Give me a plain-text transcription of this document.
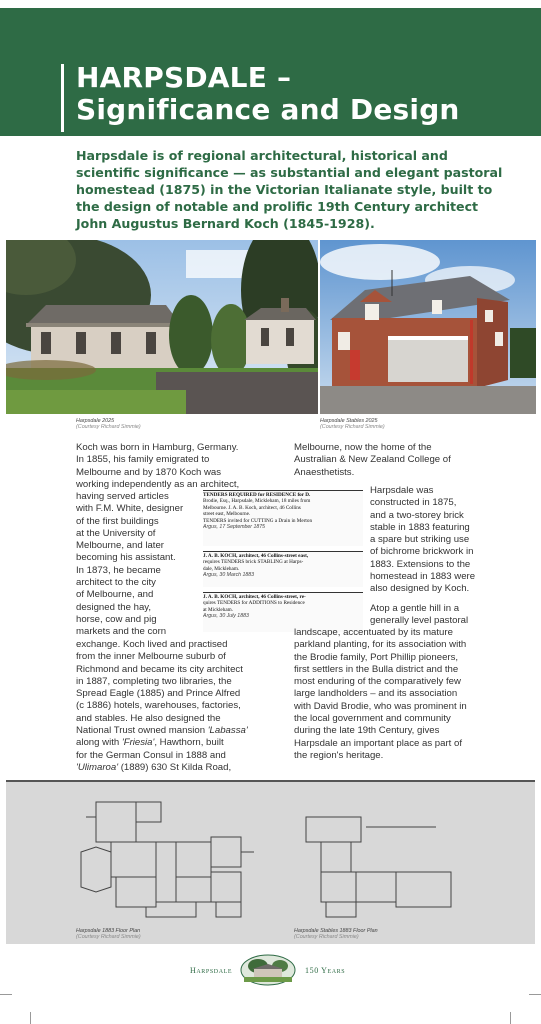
HARPSDALE –
Significance and Design
Harpsdale is of regional architectural, historical and
scientific significance — as substantial and elegant pastoral
homestead (1875) in the Victorian Italianate style, built to
the design of notable and prolific 19th Century architect
John Augustus Bernard Koch (1845-1928).
Harpsdale 2025
(Courtesy Richard Simmie)
Harpsdale Stables 2025
(Courtesy Richard Simmie)
Koch was born in Hamburg, Germany.
In 1855, his family emigrated to
Melbourne and by 1870 Koch was
working independently as an architect,
having served articles
with F.M. White, designer
of the first buildings
at the University of
Melbourne, and later
becoming his assistant.
In 1873, he became
architect to the city
of Melbourne, and
designed the hay,
horse, cow and pig
markets and the corn
exchange. Koch lived and practised
from the inner Melbourne suburb of
Richmond and became its city architect
in 1887, completing two libraries, the
Spread Eagle (1885) and Prince Alfred
(c 1886) hotels, warehouses, factories,
and stables. He also designed the
National Trust owned mansion 'Labassa'
along with 'Friesia', Hawthorn, built
for the German Consul in 1888 and
'Ulimaroa' (1889) 630 St Kilda Road,
TENDERS REQUIRED for RESIDENCE for D.
Brodie, Esq., Harpsdale, Mickleham, 18 miles from
Melbourne. J. A. B. Koch, architect, 46 Collins
street east, Melbourne.
TENDERS invited for CUTTING a Drain in Merton
Argus, 17 September 1875
J. A. B. KOCH, architect, 46 Collins-street east,
requires TENDERS brick STABLING at Harps-
dale, Mickleham.
Argus, 30 March 1883
J. A. B. KOCH, architect, 46 Collins-street, re-
quires TENDERS for ADDITIONS to Residence
at Mickleham.
Argus, 30 July 1883
Melbourne, now the home of the
Australian & New Zealand College of
Anaesthetists.
Harpsdale was
constructed in 1875,
and a two-storey brick
stable in 1883 featuring
a spare but striking use
of bichrome brickwork in
1883. Extensions to the
homestead in 1883 were
also designed by Koch.
Atop a gentle hill in a
generally level pastoral
landscape, accentuated by its mature
parkland planting, for its association with
the Brodie family, Port Phillip pioneers,
first settlers in the Bulla district and the
most enduring of the comparatively few
large landholders – and its association
with David Brodie, who was prominent in
the local government and community
during the late 19th Century, gives
Harpsdale an important place as part of
the region's heritage.
Harpsdale 1883 Floor Plan
(Courtesy Richard Simmie)
Harpsdale Stables 1883 Floor Plan
(Courtesy Richard Simmie)
Harpsdale	150 Years
